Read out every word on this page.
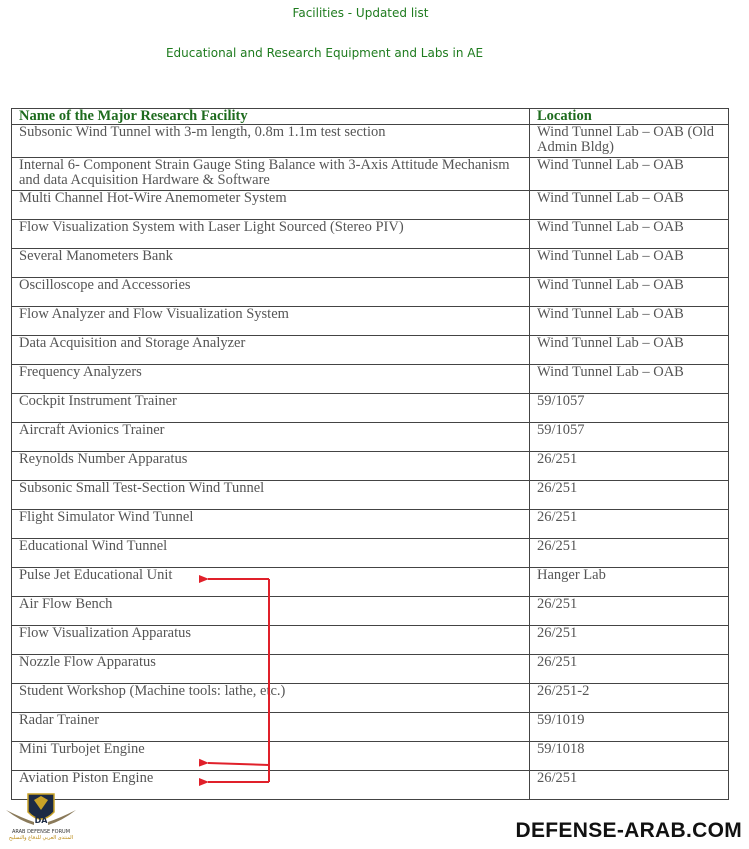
Facilities - Updated list
Educational and Research Equipment and Labs in AE
Name of the Major Research Facility	Location
Subsonic Wind Tunnel with 3-m length, 0.8m 1.1m test section	Wind Tunnel Lab – OAB (Old Admin Bldg)
Internal 6- Component Strain Gauge Sting Balance with 3-Axis Attitude Mechanism and data Acquisition Hardware & Software	Wind Tunnel Lab – OAB
Multi Channel Hot-Wire Anemometer System	Wind Tunnel Lab – OAB
Flow Visualization System with Laser Light Sourced (Stereo PIV)	Wind Tunnel Lab – OAB
Several Manometers Bank	Wind Tunnel Lab – OAB
Oscilloscope and Accessories	Wind Tunnel Lab – OAB
Flow Analyzer and Flow Visualization System	Wind Tunnel Lab – OAB
Data Acquisition and Storage Analyzer	Wind Tunnel Lab – OAB
Frequency Analyzers	Wind Tunnel Lab – OAB
Cockpit Instrument Trainer	59/1057
Aircraft Avionics Trainer	59/1057
Reynolds Number Apparatus	26/251
Subsonic Small Test-Section Wind Tunnel	26/251
Flight Simulator Wind Tunnel	26/251
Educational Wind Tunnel	26/251
Pulse Jet Educational Unit	Hanger Lab
Air Flow Bench	26/251
Flow Visualization Apparatus	26/251
Nozzle Flow Apparatus	26/251
Student Workshop (Machine tools: lathe, etc.)	26/251-2
Radar Trainer	59/1019
Mini Turbojet Engine	59/1018
Aviation Piston Engine	26/251
DA
ARAB DEFENSE FORUM
المنتدى العربي للدفاع والتسليح	DEFENSE-ARAB.COM
